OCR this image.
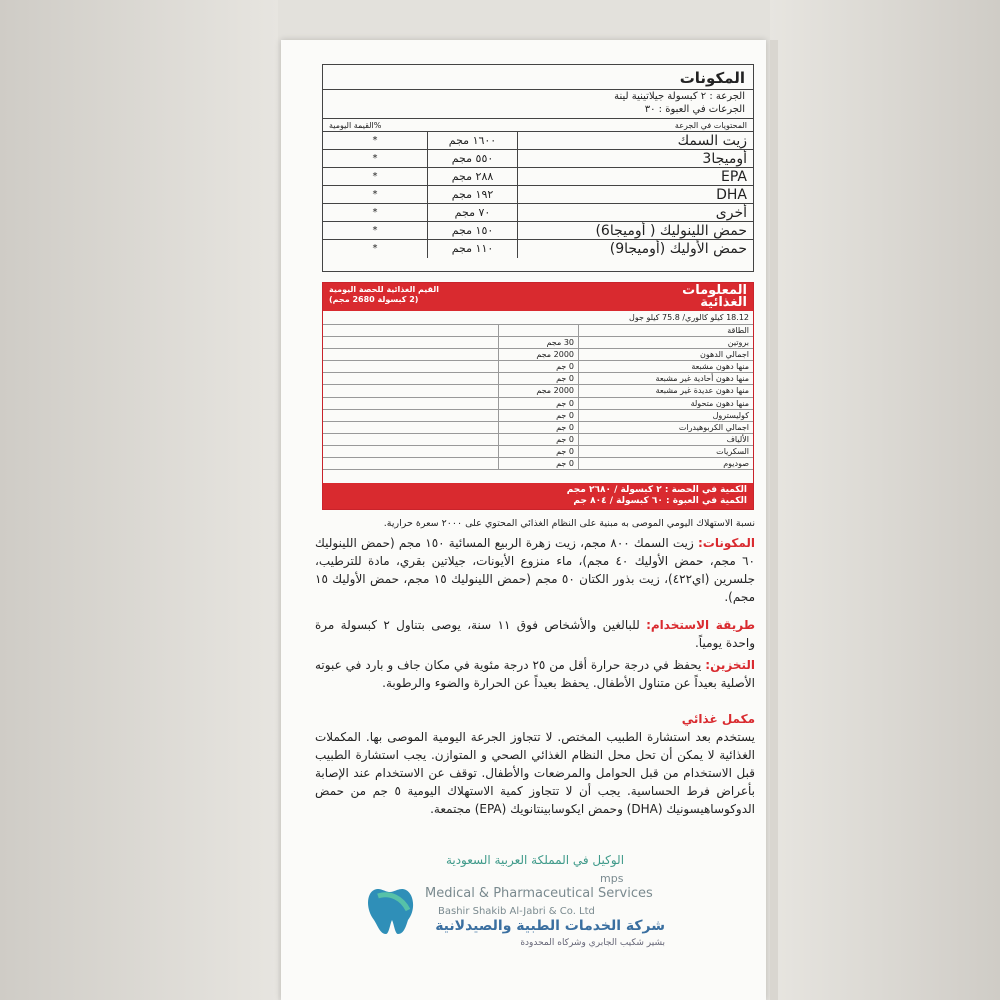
المكونات
الجرعة : ٢ كبسولة جيلاتينية لينة
الجرعات في العبوة : ٣٠
المحتويات في الجرعة
%القيمة اليومية
زيت السمك
١٦٠٠ مجم
*
أوميجا3
٥٥٠ مجم
*
EPA
٢٨٨ مجم
*
DHA
١٩٢ مجم
*
أخرى
٧٠ مجم
*
حمض اللينوليك ( أوميجا6)
١٥٠ مجم
*
حمض الأوليك (أوميجا9)
١١٠ مجم
*
المعلومات
الغذائية
القيم الغذائية للحصة اليومية
(2 كبسولة 2680 مجم)
18.12 كيلو كالوري/ 75.8 كيلو جول
الطاقة
بروتين
30 مجم
اجمالي الدهون
2000 مجم
منها دهون مشبعة
0 جم
منها دهون أحادية غير مشبعة
0 جم
منها دهون عديدة غير مشبعة
2000 مجم
منها دهون متحولة
0 جم
كوليسترول
0 جم
اجمالي الكربوهيدرات
0 جم
الألياف
0 جم
السكريات
0 جم
صوديوم
0 جم
الكمية في الحصة : ٢ كبسولة / ٢٦٨٠ مجم
الكمية في العبوة : ٦٠ كبسولة / ٨٠٤ جم
نسبة الاستهلاك اليومي الموصى به مبنية على النظام الغذائي المحتوي على ٢٠٠٠ سعرة حرارية.
المكونات: زيت السمك ٨٠٠ مجم، زيت زهرة الربيع المسائية ١٥٠ مجم (حمض اللينوليك ٦٠ مجم، حمض الأوليك ٤٠ مجم)، ماء منزوع الأيونات، جيلاتين بقري، مادة للترطيب، جلسرين (اي٤٢٢)، زيت بذور الكتان ٥٠ مجم (حمض اللينوليك ١٥ مجم، حمض الأوليك ١٥ مجم).
طريقة الاستخدام: للبالغين والأشخاص فوق ١١ سنة، يوصى بتناول ٢ كبسولة مرة واحدة يومياً.
التخزين: يحفظ في درجة حرارة أقل من ٢٥ درجة مئوية في مكان جاف و بارد في عبوته الأصلية بعيداً عن متناول الأطفال. يحفظ بعيداً عن الحرارة والضوء والرطوبة.
مكمل غذائي
يستخدم بعد استشارة الطبيب المختص. لا تتجاوز الجرعة اليومية الموصى بها. المكملات الغذائية لا يمكن أن تحل محل النظام الغذائي الصحي و المتوازن. يجب استشارة الطبيب قبل الاستخدام من قبل الحوامل والمرضعات والأطفال. توقف عن الاستخدام عند الإصابة بأعراض فرط الحساسية. يجب أن لا تتجاوز كمية الاستهلاك اليومية ٥ جم من حمض الدوكوساهيسونيك (DHA) وحمض ايكوسابينتانويك (EPA) مجتمعة.
الوكيل في المملكة العربية السعودية
mps
Medical & Pharmaceutical Services
Bashir Shakib Al-Jabri & Co. Ltd
شركة الخدمات الطبية والصيدلانية
بشير شكيب الجابري وشركاه المحدودة
